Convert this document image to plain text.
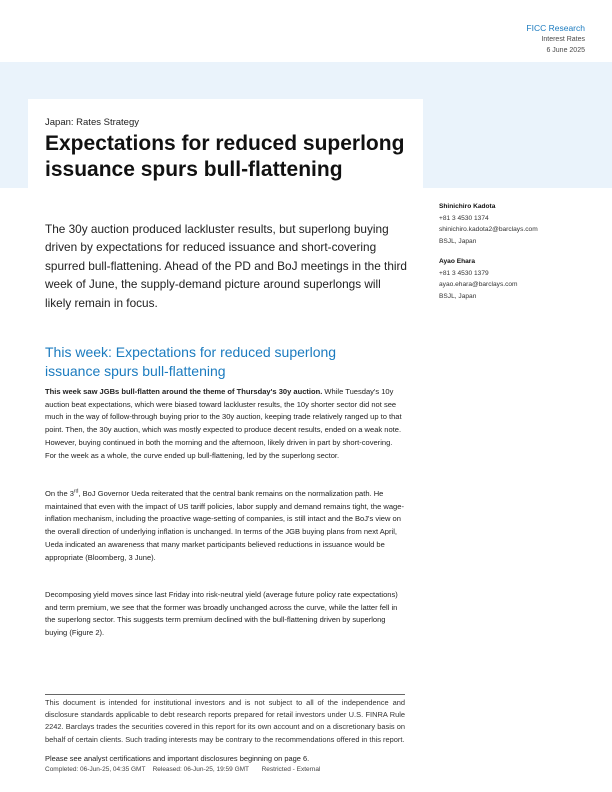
FICC Research
Interest Rates
6 June 2025
Japan: Rates Strategy
Expectations for reduced superlong issuance spurs bull-flattening

The 30y auction produced lackluster results, but superlong buying driven by expectations for reduced issuance and short-covering spurred bull-flattening. Ahead of the PD and BoJ meetings in the third week of June, the supply-demand picture around superlongs will likely remain in focus.

Shinichiro Kadota
+81 3 4530 1374
shinichiro.kadota2@barclays.com
BSJL, Japan
Ayao Ehara
+81 3 4530 1379
ayao.ehara@barclays.com
BSJL, Japan
This week: Expectations for reduced superlong issuance spurs bull-flattening

This week saw JGBs bull-flatten around the theme of Thursday's 30y auction. While Tuesday's 10y auction beat expectations, which were biased toward lackluster results, the 10y shorter sector did not see much in the way of follow-through buying prior to the 30y auction, keeping trade relatively ranged up to that point. Then, the 30y auction, which was mostly expected to produce decent results, ended on a weak note. However, buying continued in both the morning and the afternoon, likely driven in part by short-covering. For the week as a whole, the curve ended up bull-flattening, led by the superlong sector.

On the 3rd, BoJ Governor Ueda reiterated that the central bank remains on the normalization path. He maintained that even with the impact of US tariff policies, labor supply and demand remains tight, the wage-inflation mechanism, including the proactive wage-setting of companies, is still intact and the BoJ's view on the overall direction of underlying inflation is unchanged. In terms of the JGB buying plans from next April, Ueda indicated an awareness that many market participants believed reductions in issuance would be appropriate (Bloomberg, 3 June).

Decomposing yield moves since last Friday into risk-neutral yield (average future policy rate expectations) and term premium, we see that the former was broadly unchanged across the curve, while the latter fell in the superlong sector. This suggests term premium declined with the bull-flattening driven by superlong buying (Figure 2).

This document is intended for institutional investors and is not subject to all of the independence and disclosure standards applicable to debt research reports prepared for retail investors under U.S. FINRA Rule 2242. Barclays trades the securities covered in this report for its own account and on a discretionary basis on behalf of certain clients. Such trading interests may be contrary to the recommendations offered in this report.

Please see analyst certifications and important disclosures beginning on page 6.
Completed: 06-Jun-25, 04:35 GMT Released: 06-Jun-25, 19:59 GMT Restricted - External
